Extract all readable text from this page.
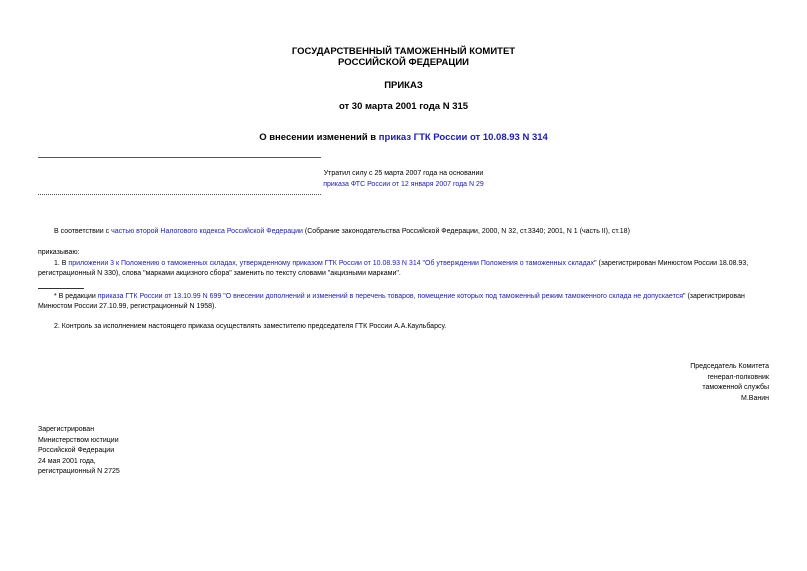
ГОСУДАРСТВЕННЫЙ ТАМОЖЕННЫЙ КОМИТЕТ
РОССИЙСКОЙ ФЕДЕРАЦИИ
ПРИКАЗ
от 30 марта 2001 года N 315
О внесении изменений в приказ ГТК России от 10.08.93 N 314
Утратил силу с 25 марта 2007 года на основании
приказа ФТС России от 12 января 2007 года N 29
В соответствии с частью второй Налогового кодекса Российской Федерации (Собрание законодательства Российской Федерации, 2000, N 32, ст.3340; 2001, N 1 (часть II), ст.18)
приказываю:
1. В приложении 3 к Положению о таможенных складах, утвержденному приказом ГТК России от 10.08.93 N 314 "Об утверждении Положения о таможенных складах" (зарегистрирован Минюстом России 18.08.93,
регистрационный N 330), слова "марками акцизного сбора" заменить по тексту словами "акцизными марками".
* В редакции приказа ГТК России от 13.10.99 N 699 "О внесении дополнений и изменений в перечень товаров, помещение которых под таможенный режим таможенного склада не допускается" (зарегистрирован
Минюстом России 27.10.99, регистрационный N 1958).
2. Контроль за исполнением настоящего приказа осуществлять заместителю председателя ГТК России А.А.Каульбарсу.
Председатель Комитета
генерал-полковник
таможенной службы
М.Ванин
Зарегистрирован
Министерством юстиции
Российской Федерации
24 мая 2001 года,
регистрационный N 2725
